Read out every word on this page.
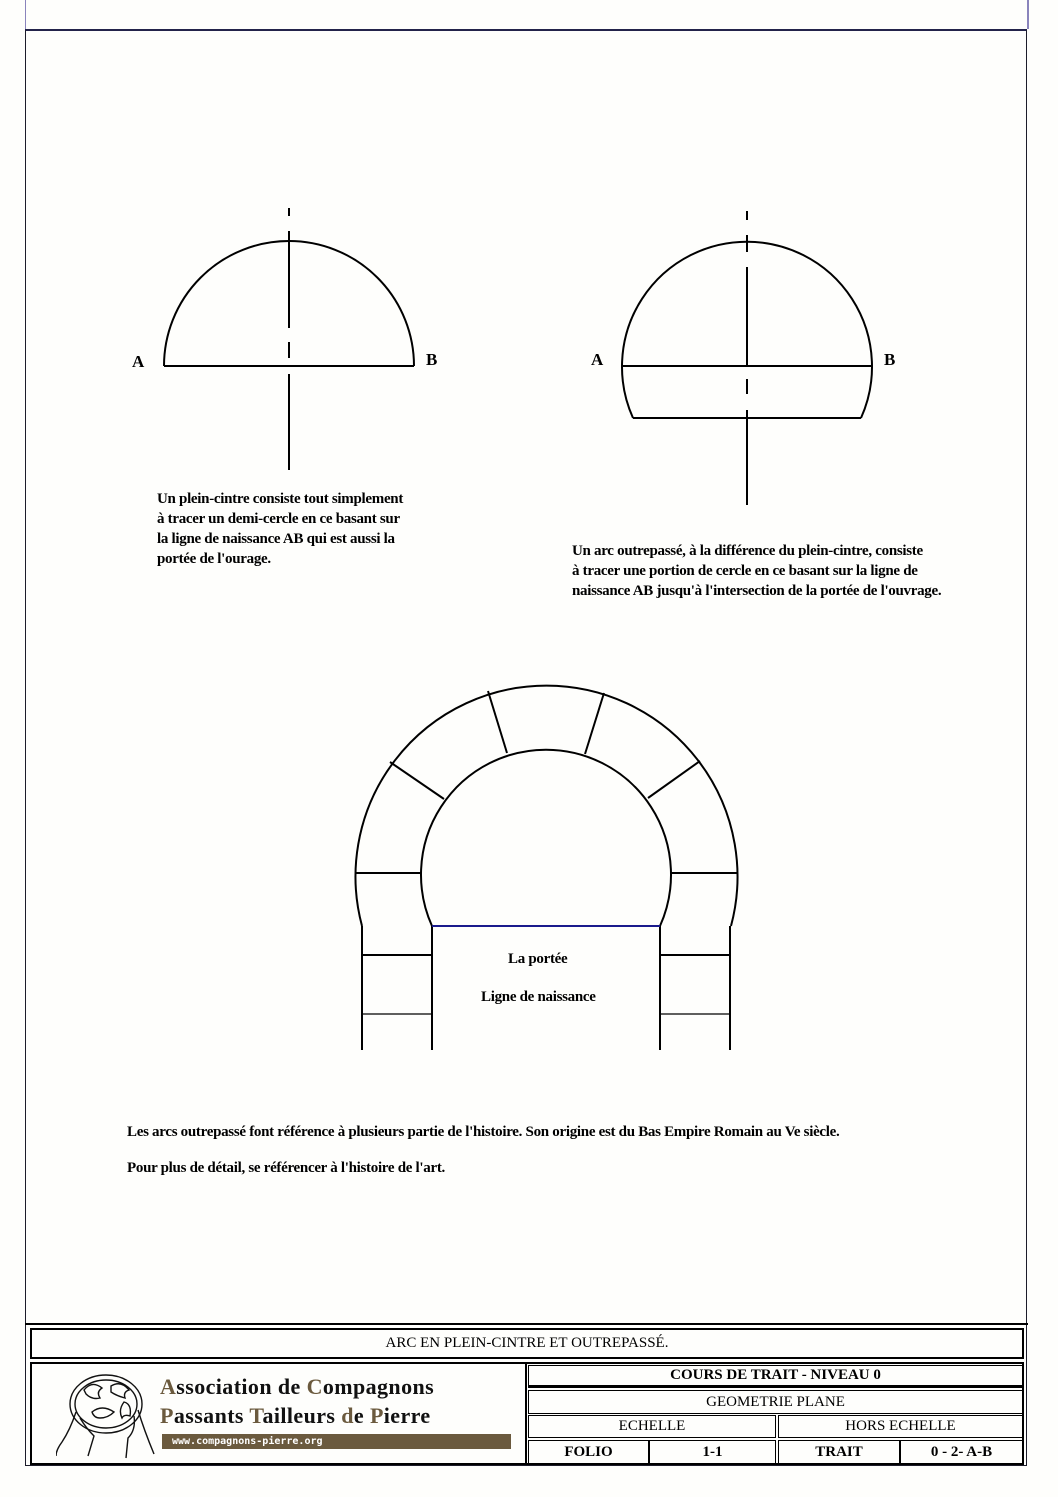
A	B
Un plein-cintre consiste tout simplement
à tracer un demi-cercle en ce basant sur
la ligne de naissance AB qui est aussi la
portée de l'ourage.
A	B
Un arc outrepassé, à la différence du plein-cintre, consiste
à tracer une portion de cercle en ce basant sur la ligne de
naissance AB jusqu'à l'intersection de la portée de l'ouvrage.
La portée
Ligne de naissance
Les arcs outrepassé font référence à plusieurs partie de l'histoire. Son origine est du Bas Empire Romain au Ve siècle.
Pour plus de détail, se référencer à l'histoire de l'art.
ARC EN PLEIN-CINTRE ET OUTREPASSÉ.
Association de Compagnons
Passants Tailleurs de Pierre
www.compagnons-pierre.org
COURS DE TRAIT - NIVEAU 0
GEOMETRIE PLANE
ECHELLE	HORS ECHELLE
FOLIO	1-1	TRAIT	0 - 2- A-B
